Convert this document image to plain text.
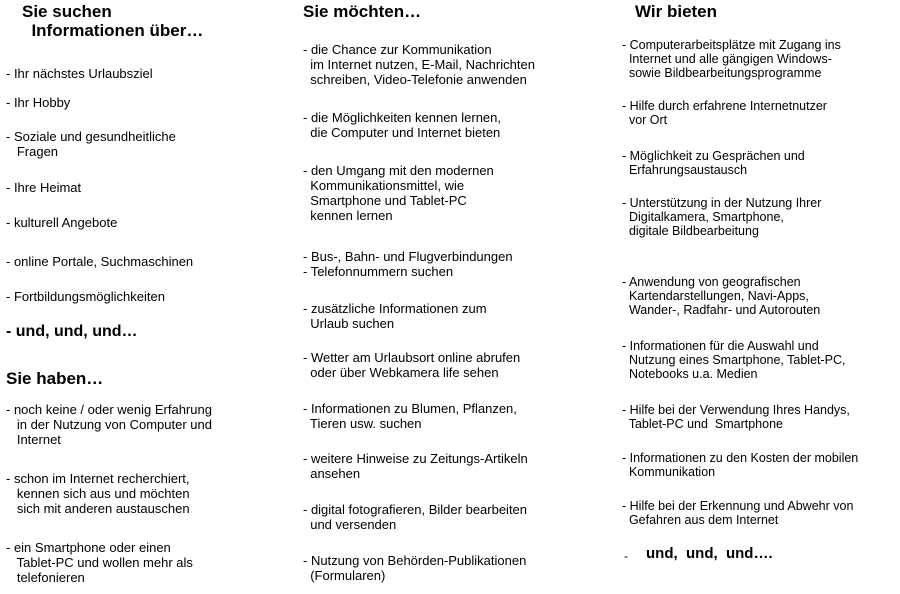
Sie suchen
Informationen über…
- Ihr nächstes Urlaubsziel
- Ihr Hobby
- Soziale und gesundheitliche
Fragen
- Ihre Heimat
- kulturell Angebote
- online Portale, Suchmaschinen
- Fortbildungsmöglichkeiten
- und, und, und…
Sie haben…
- noch keine / oder wenig Erfahrung
in der Nutzung von Computer und
Internet
- schon im Internet recherchiert,
kennen sich aus und möchten
sich mit anderen austauschen
- ein Smartphone oder einen
Tablet-PC und wollen mehr als
telefonieren
Sie möchten…
- die Chance zur Kommunikation
im Internet nutzen, E-Mail, Nachrichten
schreiben, Video-Telefonie anwenden
- die Möglichkeiten kennen lernen,
die Computer und Internet bieten
- den Umgang mit den modernen
Kommunikationsmittel, wie
Smartphone und Tablet-PC
kennen lernen
- Bus-, Bahn- und Flugverbindungen
- Telefonnummern suchen
- zusätzliche Informationen zum
Urlaub suchen
- Wetter am Urlaubsort online abrufen
oder über Webkamera life sehen
- Informationen zu Blumen, Pflanzen,
Tieren usw. suchen
- weitere Hinweise zu Zeitungs-Artikeln
ansehen
- digital fotografieren, Bilder bearbeiten
und versenden
- Nutzung von Behörden-Publikationen
(Formularen)
Wir bieten
- Computerarbeitsplätze mit Zugang ins
Internet und alle gängigen Windows-
sowie Bildbearbeitungsprogramme
- Hilfe durch erfahrene Internetnutzer
vor Ort
- Möglichkeit zu Gesprächen und
Erfahrungsaustausch
- Unterstützung in der Nutzung Ihrer
Digitalkamera, Smartphone,
digitale Bildbearbeitung
- Anwendung von geografischen
Kartendarstellungen, Navi-Apps,
Wander-, Radfahr- und Autorouten
- Informationen für die Auswahl und
Nutzung eines Smartphone, Tablet-PC,
Notebooks u.a. Medien
- Hilfe bei der Verwendung Ihres Handys,
Tablet-PC und  Smartphone
- Informationen zu den Kosten der mobilen
Kommunikation
- Hilfe bei der Erkennung und Abwehr von
Gefahren aus dem Internet
- und,  und,  und….
